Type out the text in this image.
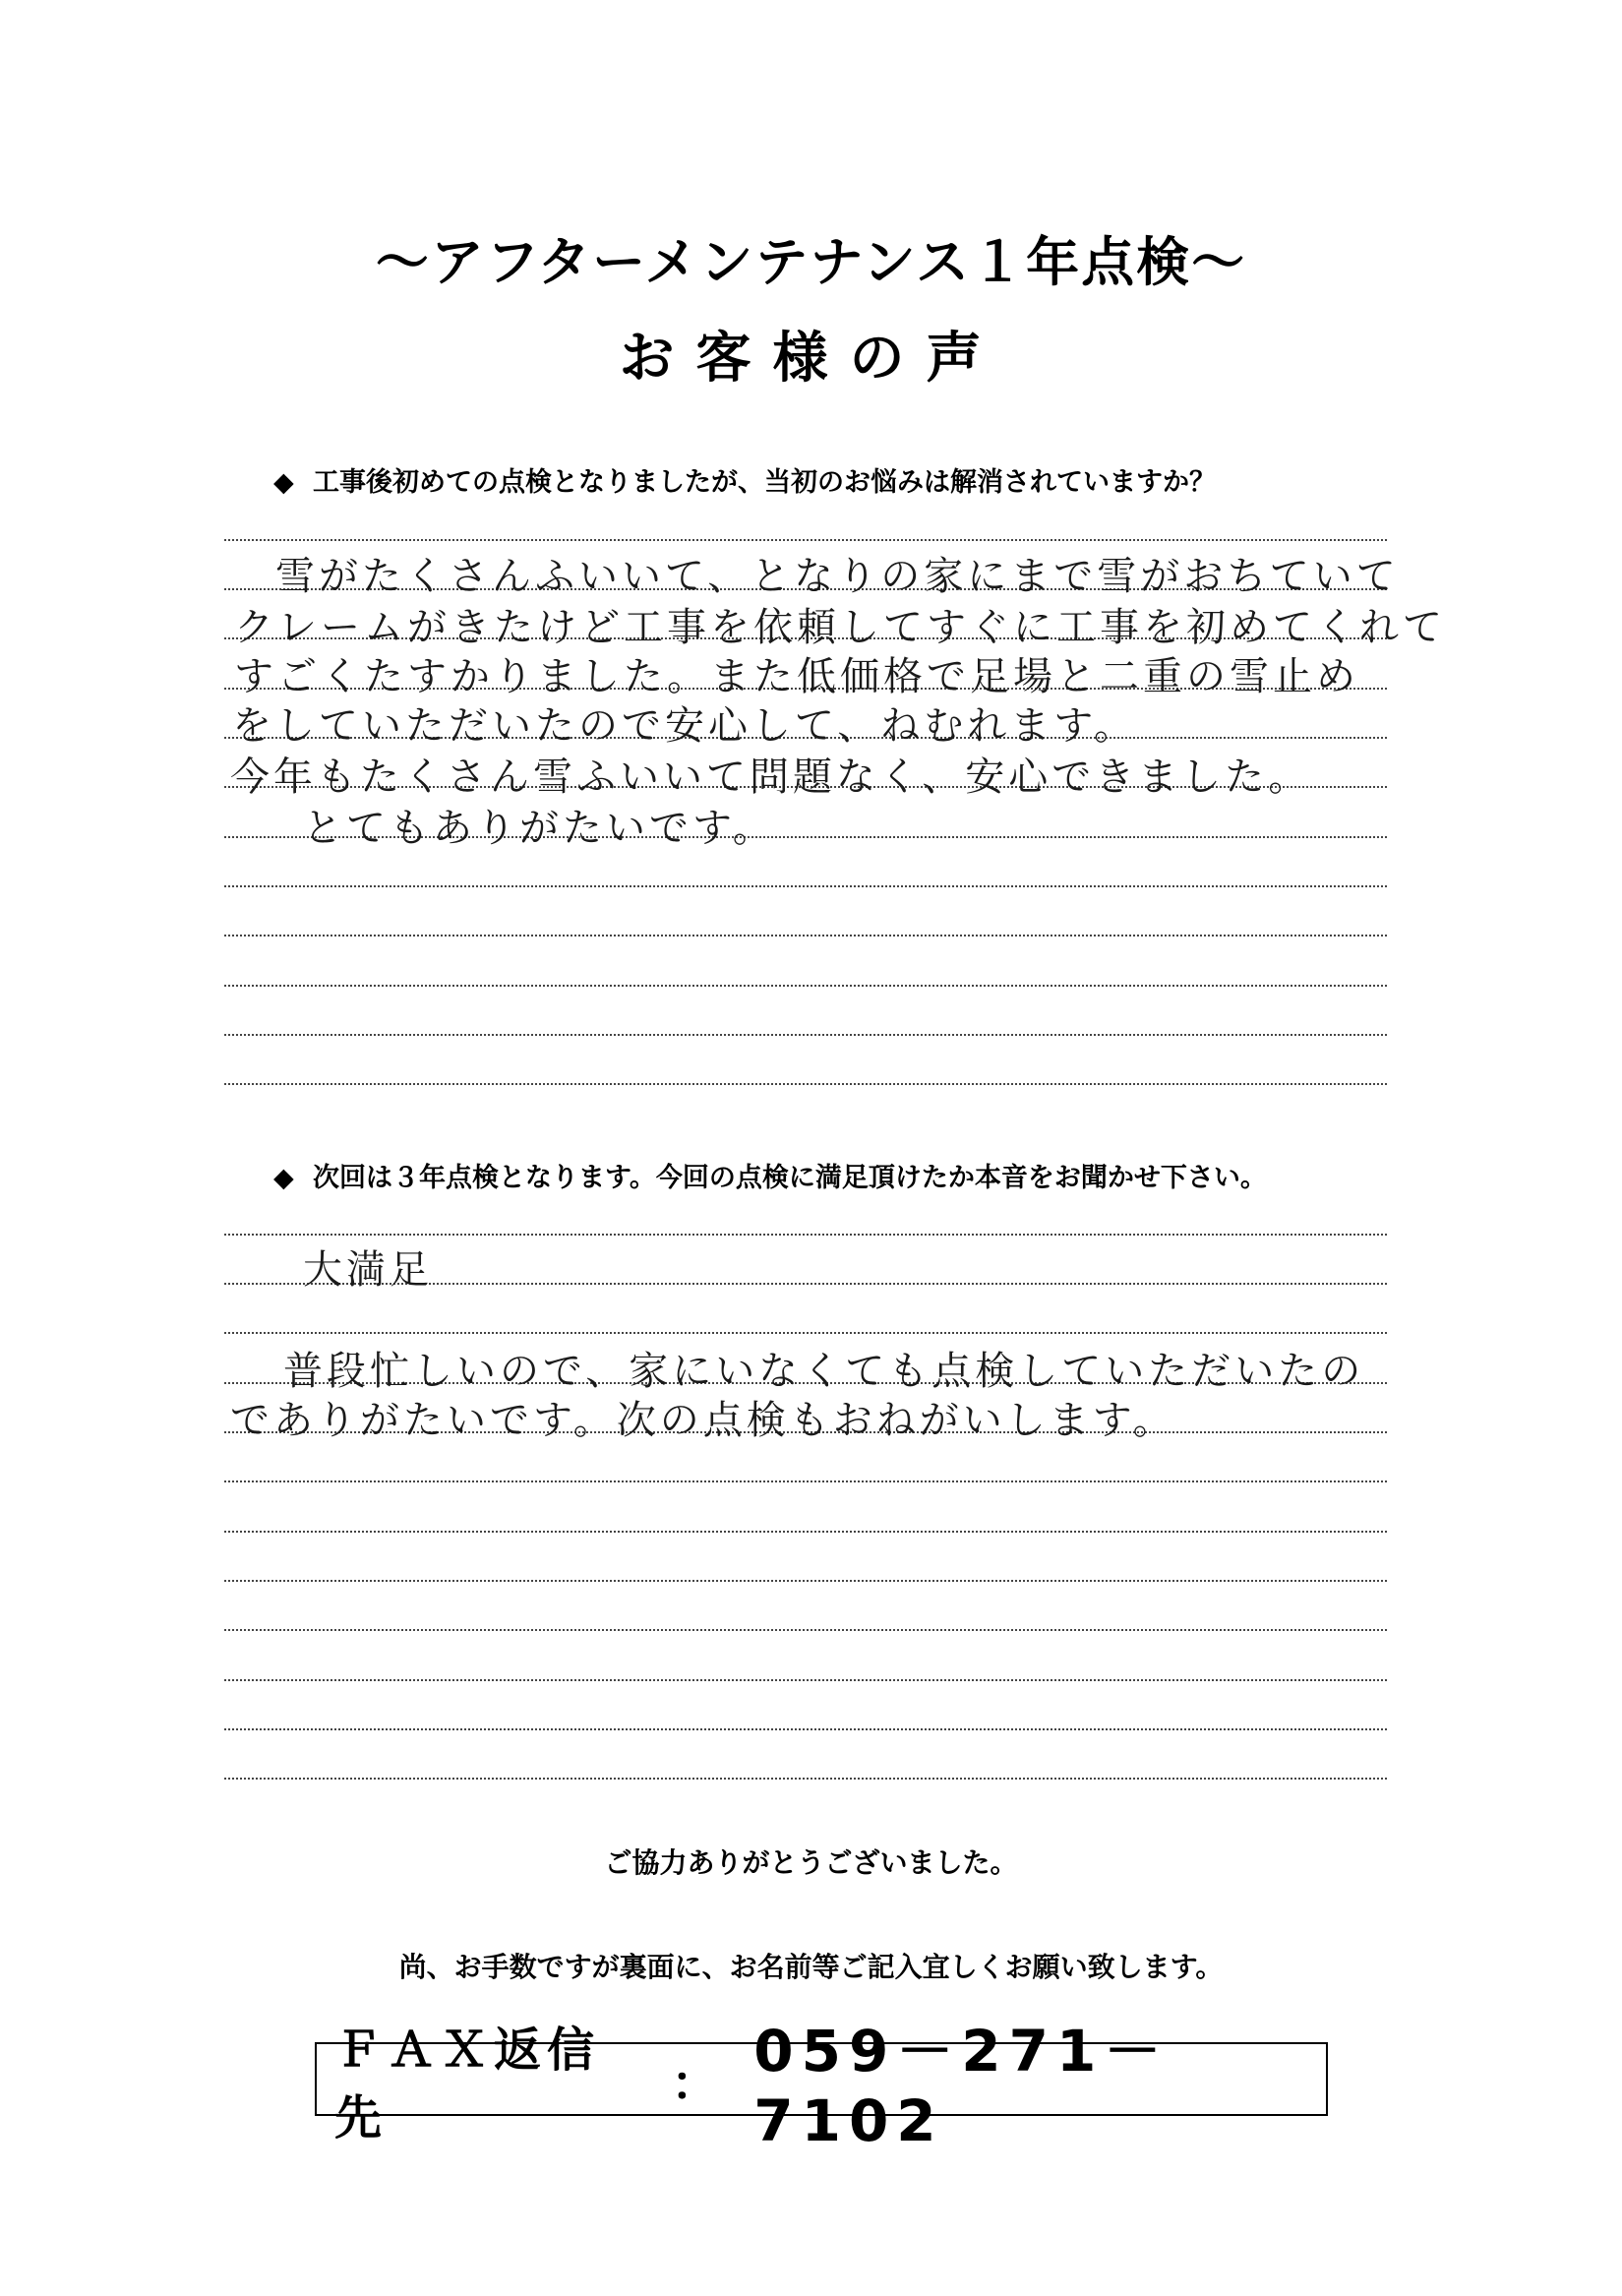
～アフターメンテナンス１年点検～
お客様の声
◆ 工事後初めての点検となりましたが、当初のお悩みは解消されていますか？
雪がたくさんふいいて、となりの家にまで雪がおちていて
クレームがきたけど工事を依頼してすぐに工事を初めてくれて
すごくたすかりました。また低価格で足場と二重の雪止め
をしていただいたので安心して、ねむれます。
今年もたくさん雪ふいいて問題なく、安心できました。
とてもありがたいです。
◆ 次回は３年点検となります。今回の点検に満足頂けたか本音をお聞かせ下さい。
大満足
普段忙しいので、家にいなくても点検していただいたの
でありがたいです。次の点検もおねがいします。
ご協力ありがとうございました。
尚、お手数ですが裏面に、お名前等ご記入宜しくお願い致します。
ＦＡＸ返信先
： 059－271－7102
